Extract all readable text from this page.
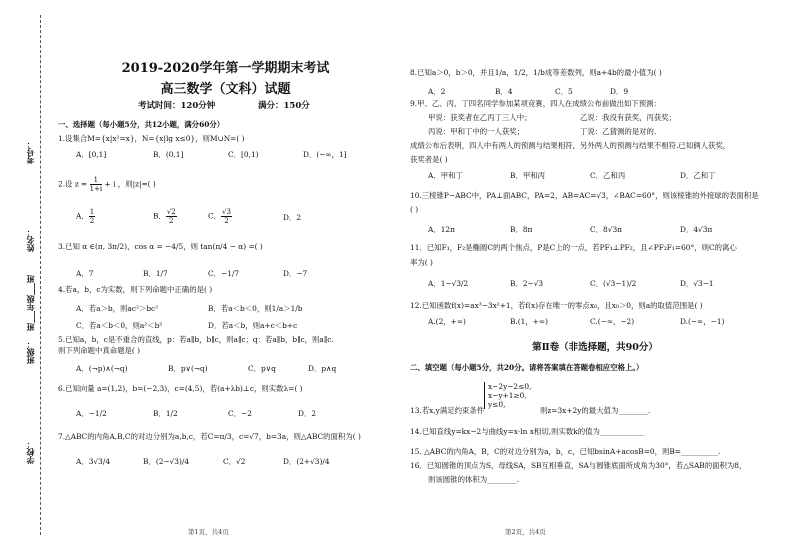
考号：
姓名：
班___年级___班
班级：
学校：
2019-2020学年第一学期期末考试
高三数学（文科）试题
考试时间：120分钟	满分：150分
一、选择题（每小题5分，共12小题，满分60分）
1.设集合M={x|x²=x}，N={x|lg x≤0}，则M∪N=( )
A．[0,1]	B．(0,1]	C．[0,1)	D．(−∞，1]
2.设 $z = \frac{1}{1+i} + i$ ，则|z|=( )
A． $\frac{1}{2}$	B． $\frac{√2}{2}$	C． $\frac{√3}{2}$	D．2
3.已知 α ∈(π, 3π/2)，cos α = −4/5，则 tan(π/4 − α) =( )
A．7	B．1/7	C．−1/7	D．−7
4.若a，b，c为实数，则下列命题中正确的是( )
A．若a＞b，则ac²＞bc²	B．若a＜b＜0，则1/a＞1/b
C．若a＜b＜0，则a²＜b²	D．若a＜b，则a+c＜b+c
5.已知a，b，c是不重合的直线，p：若a∥b，b∥c，则a∥c；q：若a∥b，b∥c，则a∥c.
则下列命题中真命题是( )
A．(¬p)∧(¬q)	B．p∨(¬q)	C．p∨q	D．p∧q
6.已知向量 a=(1,2)，b=(−2,3)，c=(4,5)，若(a+λb)⊥c，则实数λ=( )
A．−1/2	B．1/2	C．−2	D．2
7.△ABC的内角A,B,C的对边分别为a,b,c，若C=π/3，c=√7，b=3a，则△ABC的面积为( )
A．3√3/4	B．(2−√3)/4	C．√2	D．(2+√3)/4
第1页，共4页
8.已知a＞0，b＞0，并且1/a，1/2，1/b成等差数列，则a+4b的最小值为( )
A．2	B．4	C．5	D．9
9.甲、乙、丙、丁四名同学参加某项竞赛，四人在成绩公布前做出如下预测：
甲说：获奖者在乙丙丁三人中；	乙说：我没有获奖，丙获奖；
丙说：甲和丁中的一人获奖；	丁说：乙猜测的是对的.
成绩公布后表明，四人中有两人的预测与结果相符，另外两人的预测与结果不相符.已知俩人获奖，
获奖者是( )
A．甲和丁	B．甲和丙	C．乙和丙	D．乙和丁
10.三棱锥P−ABC中，PA⊥面ABC，PA=2，AB=AC=√3，∠BAC=60°，则该棱锥的外接球的表面积是
( )
A．12π	B．8π	C．8√3π	D．4√3π
11．已知F₁，F₂是椭圆C的两个焦点，P是C上的一点，若PF₁⊥PF₂，且∠PF₂F₁=60°，则C的离心
率为( )
A．1−√3/2	B．2−√3	C．(√3−1)/2	D．√3−1
12.已知函数f(x)=ax³−3x²+1，若f(x)存在唯一的零点x₀，且x₀＞0，则a的取值范围是( )
A.(2，+∞)	B.(1，+∞)	C.(−∞，−2)	D.(−∞，−1)
第Ⅱ卷（非选择题，共90分）
二、填空题（每小题5分，共20分。请将答案填在答题卷相应空格上。）
13.若x,y满足约束条件
x−2y−2≤0,
x−y+1≥0,
y≤0,
则z=3x+2y的最大值为________.
14.已知直线y=kx−2与曲线y=x·ln x相切,则实数k的值为____________
15. △ABC的内角A，B，C的对边分别为a，b，c，已知bsinA+acosB=0，则B=__________.
16．已知圆锥的顶点为S，母线SA，SB互相垂直，SA与圆锥底面所成角为30°，若△SAB的面积为8，
则该圆锥的体积为________.
第2页，共4页
